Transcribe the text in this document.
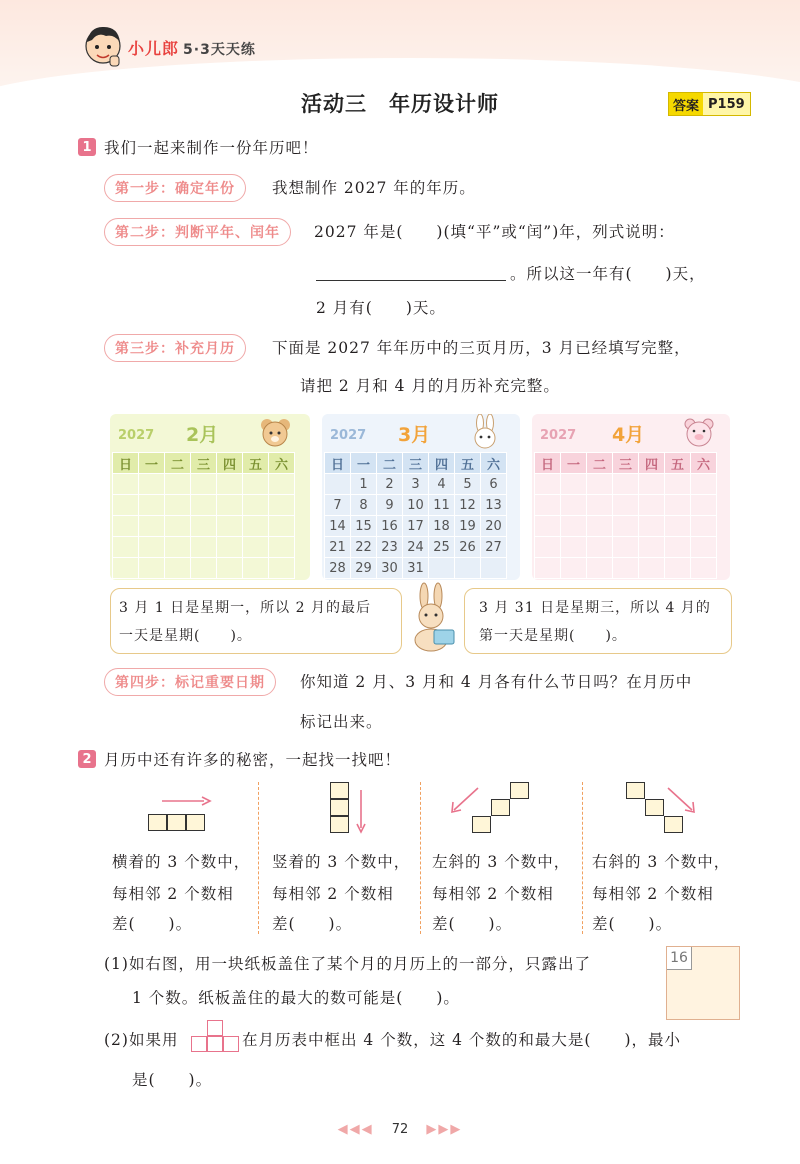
小儿郎 5·3天天练
活动三　年历设计师	答案 P159
1 我们一起来制作一份年历吧！
第一步：确定年份	我想制作 2027 年的年历。
第二步：判断平年、闰年	2027 年是(　　)(填“平”或“闰”)年，列式说明：
。所以这一年有(　　)天，
2 月有(　　)天。
第三步：补充月历	下面是 2027 年年历中的三页月历，3 月已经填写完整，
请把 2 月和 4 月的月历补充完整。
2027 2月
日	一	二	三	四	五	六

2027 3月
日	一	二	三	四	五	六
	1	2	3	4	5	6
7	8	9	10	11	12	13
14	15	16	17	18	19	20
21	22	23	24	25	26	27
28	29	30	31			
2027 4月
日	一	二	三	四	五	六

3 月 1 日是星期一，所以 2 月的最后
一天是星期(　　)。
3 月 31 日是星期三，所以 4 月的
第一天是星期(　　)。
第四步：标记重要日期	你知道 2 月、3 月和 4 月各有什么节日吗？在月历中
标记出来。
2 月历中还有许多的秘密，一起找一找吧！
横着的 3 个数中，
每相邻 2 个数相
差(　　)。
竖着的 3 个数中，
每相邻 2 个数相
差(　　)。
左斜的 3 个数中，
每相邻 2 个数相
差(　　)。
右斜的 3 个数中，
每相邻 2 个数相
差(　　)。
(1)如右图，用一块纸板盖住了某个月的月历上的一部分，只露出了
1 个数。纸板盖住的最大的数可能是(　　)。
16
(2)如果用	在月历表中框出 4 个数，这 4 个数的和最大是(　　)，最小
是(　　)。
◀◀◀ 72 ▶▶▶
